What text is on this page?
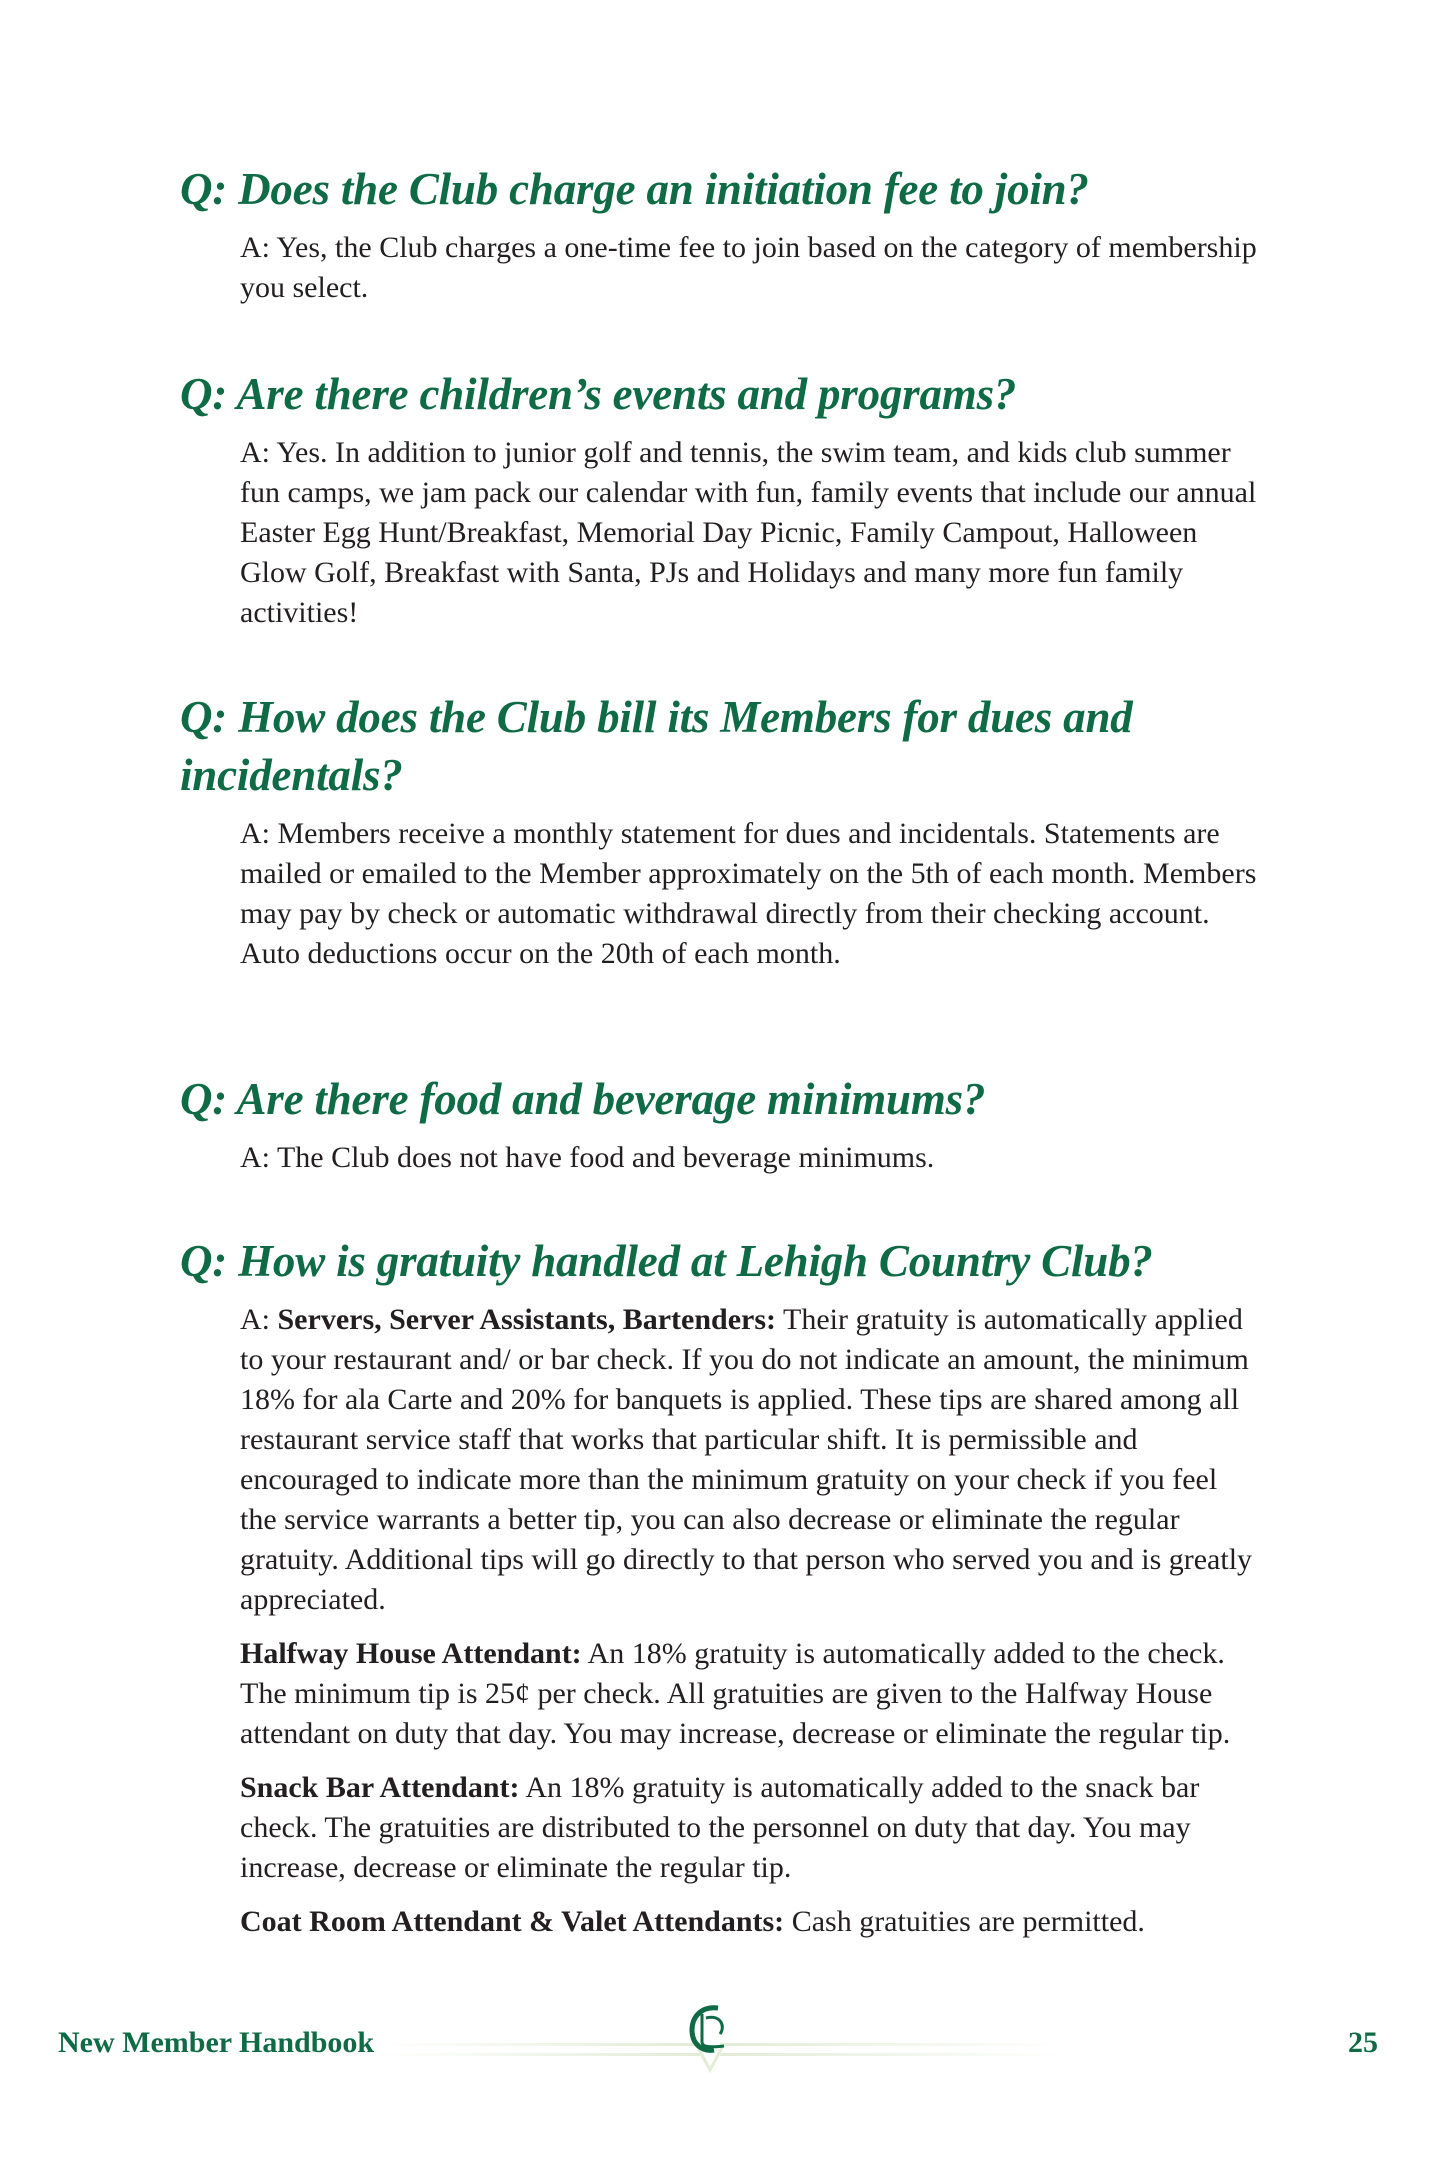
Q: Does the Club charge an initiation fee to join?

A: Yes, the Club charges a one-time fee to join based on the category of membership you select.

Q: Are there children’s events and programs?

A: Yes. In addition to junior golf and tennis, the swim team, and kids club summer fun camps, we jam pack our calendar with fun, family events that include our annual Easter Egg Hunt/Breakfast, Memorial Day Picnic, Family Campout, Halloween Glow Golf, Breakfast with Santa, PJs and Holidays and many more fun family activities!

Q: How does the Club bill its Members for dues and incidentals?

A: Members receive a monthly statement for dues and incidentals. Statements are mailed or emailed to the Member approximately on the 5th of each month. Members may pay by check or automatic withdrawal directly from their checking account. Auto deductions occur on the 20th of each month.

Q: Are there food and beverage minimums?

A: The Club does not have food and beverage minimums.

Q: How is gratuity handled at Lehigh Country Club?

A: Servers, Server Assistants, Bartenders: Their gratuity is automatically applied to your restaurant and/ or bar check. If you do not indicate an amount, the minimum 18% for ala Carte and 20% for banquets is applied. These tips are shared among all restaurant service staff that works that particular shift. It is permissible and encouraged to indicate more than the minimum gratuity on your check if you feel the service warrants a better tip, you can also decrease or eliminate the regular gratuity. Additional tips will go directly to that person who served you and is greatly appreciated.

Halfway House Attendant: An 18% gratuity is automatically added to the check. The minimum tip is 25¢ per check. All gratuities are given to the Halfway House attendant on duty that day. You may increase, decrease or eliminate the regular tip.

Snack Bar Attendant: An 18% gratuity is automatically added to the snack bar check. The gratuities are distributed to the personnel on duty that day. You may increase, decrease or eliminate the regular tip.

Coat Room Attendant & Valet Attendants: Cash gratuities are permitted.

New Member Handbook	25
